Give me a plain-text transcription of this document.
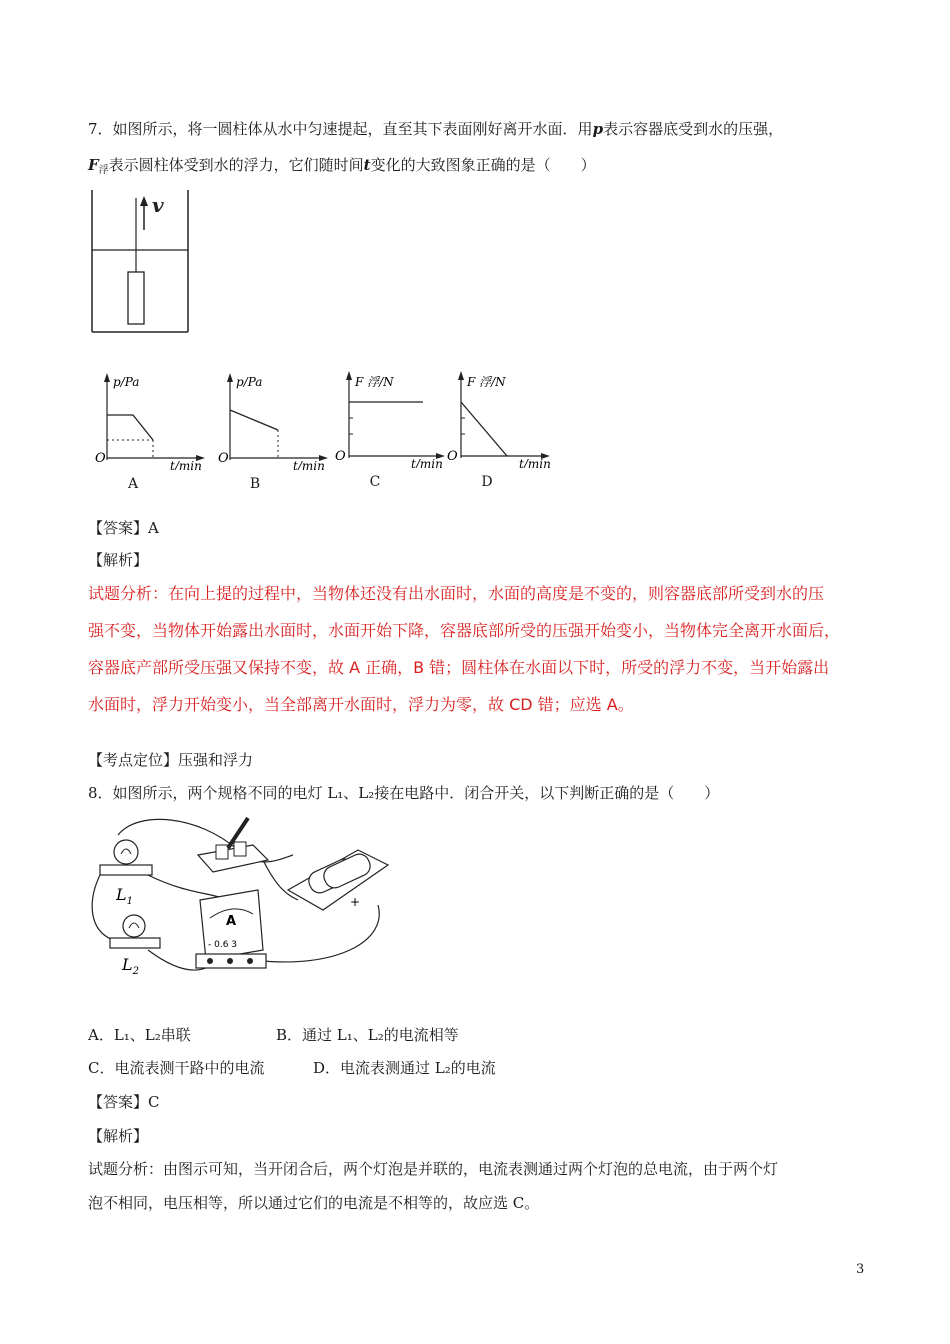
7．如图所示，将一圆柱体从水中匀速提起，直至其下表面刚好离开水面．用p表示容器底受到水的压强，
$F_浮$表示圆柱体受到水的浮力，它们随时间t变化的大致图象正确的是（　　）
v
p/Pa
O	t/min
A
p/Pa
O	t/min
B
F 浮/N
O	t/min
C
F 浮/N
O	t/min
D
【答案】A
【解析】
试题分析：在向上提的过程中，当物体还没有出水面时，水面的高度是不变的，则容器底部所受到水的压
强不变，当物体开始露出水面时，水面开始下降，容器底部所受的压强开始变小，当物体完全离开水面后，
容器底产部所受压强又保持不变，故 A 正确，B 错；圆柱体在水面以下时，所受的浮力不变，当开始露出
水面时，浮力开始变小，当全部离开水面时，浮力为零，故 CD 错；应选 A。
【考点定位】压强和浮力
8．如图所示，两个规格不同的电灯 L₁、L₂接在电路中．闭合开关，以下判断正确的是（　　）
$L_1$
$L_2$
+
A
- 0.6 3
A．L₁、L₂串联	B．通过 L₁、L₂的电流相等
C．电流表测干路中的电流	D．电流表测通过 L₂的电流
【答案】C
【解析】
试题分析：由图示可知，当开闭合后，两个灯泡是并联的，电流表测通过两个灯泡的总电流，由于两个灯
泡不相同，电压相等，所以通过它们的电流是不相等的，故应选 C。
3
